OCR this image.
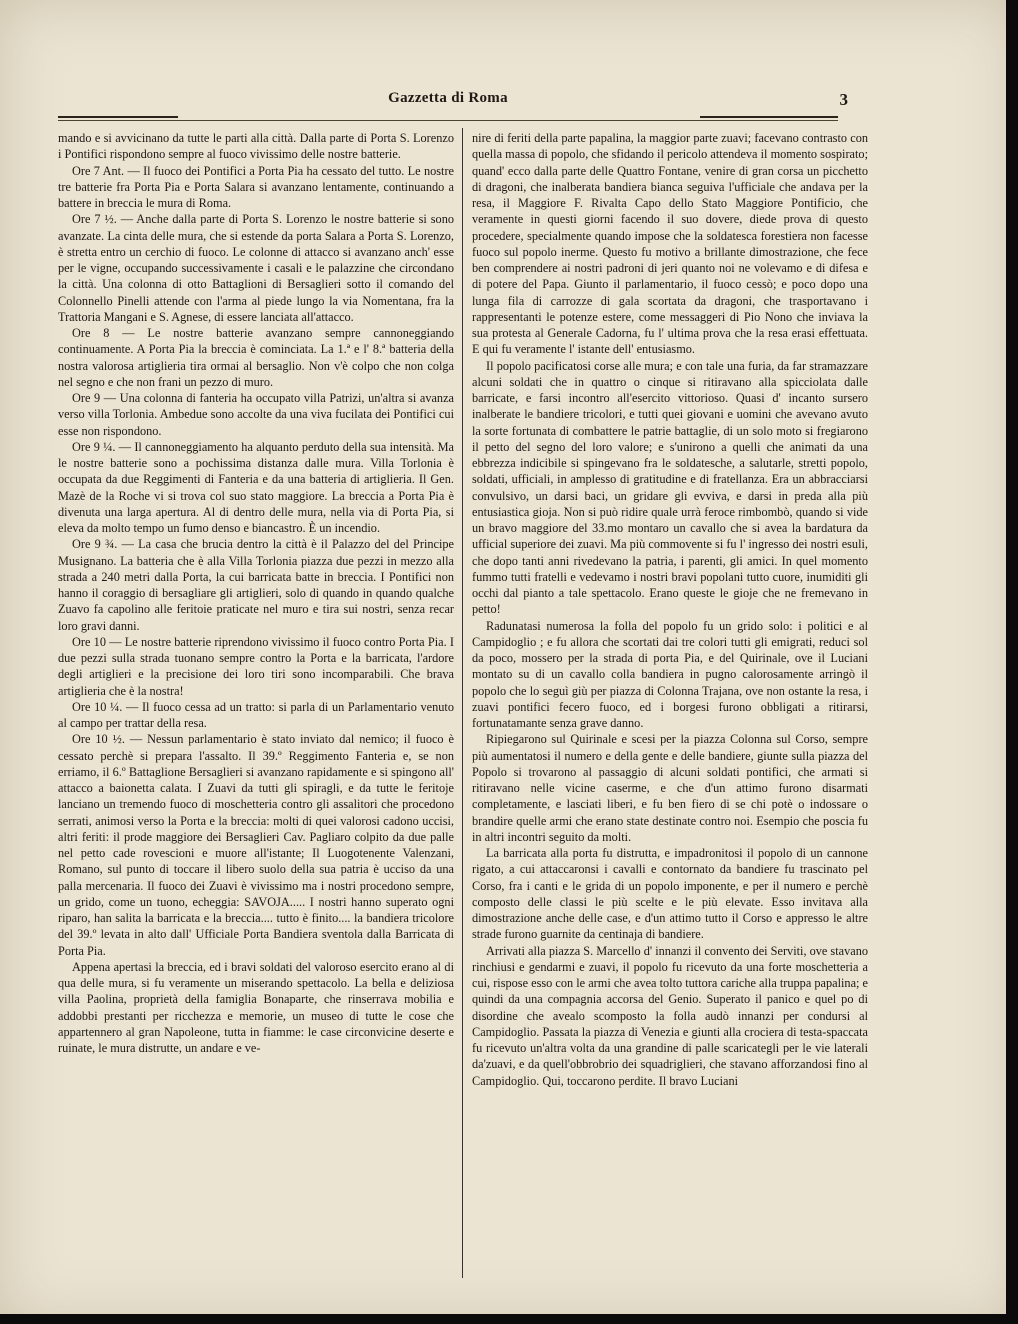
Gazzetta di Roma	3

mando e si avvicinano da tutte le parti alla città. Dalla parte di Porta S. Lorenzo i Pontifici rispondono sempre al fuoco vivissimo delle nostre batterie.

Ore 7 Ant. — Il fuoco dei Pontifici a Porta Pia ha cessato del tutto. Le nostre tre batterie fra Porta Pia e Porta Salara si avanzano lentamente, continuando a battere in breccia le mura di Roma.

Ore 7 ½. — Anche dalla parte di Porta S. Lorenzo le nostre batterie si sono avanzate. La cinta delle mura, che si estende da porta Salara a Porta S. Lorenzo, è stretta entro un cerchio di fuoco. Le colonne di attacco si avanzano anch' esse per le vigne, occupando successivamente i casali e le palazzine che circondano la città. Una colonna di otto Battaglioni di Bersaglieri sotto il comando del Colonnello Pinelli attende con l'arma al piede lungo la via Nomentana, fra la Trattoria Mangani e S. Agnese, di essere lanciata all'attacco.

Ore 8 — Le nostre batterie avanzano sempre cannoneggiando continuamente. A Porta Pia la breccia è cominciata. La 1.ª e l' 8.ª batteria della nostra valorosa artiglieria tira ormai al bersaglio. Non v'è colpo che non colga nel segno e che non frani un pezzo di muro.

Ore 9 — Una colonna di fanteria ha occupato villa Patrizi, un'altra si avanza verso villa Torlonia. Ambedue sono accolte da una viva fucilata dei Pontifici cui esse non rispondono.

Ore 9 ¼. — Il cannoneggiamento ha alquanto perduto della sua intensità. Ma le nostre batterie sono a pochissima distanza dalle mura. Villa Torlonia è occupata da due Reggimenti di Fanteria e da una batteria di artiglieria. Il Gen. Mazè de la Roche vi si trova col suo stato maggiore. La breccia a Porta Pia è divenuta una larga apertura. Al di dentro delle mura, nella via di Porta Pia, si eleva da molto tempo un fumo denso e biancastro. È un incendio.

Ore 9 ¾. — La casa che brucia dentro la città è il Palazzo del del Principe Musignano. La batteria che è alla Villa Torlonia piazza due pezzi in mezzo alla strada a 240 metri dalla Porta, la cui barricata batte in breccia. I Pontifici non hanno il coraggio di bersagliare gli artiglieri, solo di quando in quando qualche Zuavo fa capolino alle feritoie praticate nel muro e tira sui nostri, senza recar loro gravi danni.

Ore 10 — Le nostre batterie riprendono vivissimo il fuoco contro Porta Pia. I due pezzi sulla strada tuonano sempre contro la Porta e la barricata, l'ardore degli artiglieri e la precisione dei loro tiri sono incomparabili. Che brava artiglieria che è la nostra!

Ore 10 ¼. — Il fuoco cessa ad un tratto: si parla di un Parlamentario venuto al campo per trattar della resa.

Ore 10 ½. — Nessun parlamentario è stato inviato dal nemico; il fuoco è cessato perchè si prepara l'assalto. Il 39.º Reggimento Fanteria e, se non erriamo, il 6.º Battaglione Bersaglieri si avanzano rapidamente e si spingono all' attacco a baionetta calata. I Zuavi da tutti gli spiragli, e da tutte le feritoje lanciano un tremendo fuoco di moschetteria contro gli assalitori che procedono serrati, animosi verso la Porta e la breccia: molti di quei valorosi cadono uccisi, altri feriti: il prode maggiore dei Bersaglieri Cav. Pagliaro colpito da due palle nel petto cade rovescioni e muore all'istante; Il Luogotenente Valenzani, Romano, sul punto di toccare il libero suolo della sua patria è ucciso da una palla mercenaria. Il fuoco dei Zuavi è vivissimo ma i nostri procedono sempre, un grido, come un tuono, echeggia: SAVOJA..... I nostri hanno superato ogni riparo, han salita la barricata e la breccia.... tutto è finito.... la bandiera tricolore del 39.º levata in alto dall' Ufficiale Porta Bandiera sventola dalla Barricata di Porta Pia.

Appena apertasi la breccia, ed i bravi soldati del valoroso esercito erano al di qua delle mura, si fu veramente un miserando spettacolo. La bella e deliziosa villa Paolina, proprietà della famiglia Bonaparte, che rinserrava mobilia e addobbi prestanti per ricchezza e memorie, un museo di tutte le cose che appartennero al gran Napoleone, tutta in fiamme: le case circonvicine deserte e ruinate, le mura distrutte, un andare e ve-

nire di feriti della parte papalina, la maggior parte zuavi; facevano contrasto con quella massa di popolo, che sfidando il pericolo attendeva il momento sospirato; quand' ecco dalla parte delle Quattro Fontane, venire di gran corsa un picchetto di dragoni, che inalberata bandiera bianca seguiva l'ufficiale che andava per la resa, il Maggiore F. Rivalta Capo dello Stato Maggiore Pontificio, che veramente in questi giorni facendo il suo dovere, diede prova di questo procedere, specialmente quando impose che la soldatesca forestiera non facesse fuoco sul popolo inerme. Questo fu motivo a brillante dimostrazione, che fece ben comprendere ai nostri padroni di jeri quanto noi ne volevamo e di difesa e di potere del Papa. Giunto il parlamentario, il fuoco cessò; e poco dopo una lunga fila di carrozze di gala scortata da dragoni, che trasportavano i rappresentanti le potenze estere, come messaggeri di Pio Nono che inviava la sua protesta al Generale Cadorna, fu l' ultima prova che la resa erasi effettuata. E qui fu veramente l' istante dell' entusiasmo.

Il popolo pacificatosi corse alle mura; e con tale una furia, da far stramazzare alcuni soldati che in quattro o cinque si ritiravano alla spicciolata dalle barricate, e farsi incontro all'esercito vittorioso. Quasi d' incanto sursero inalberate le bandiere tricolori, e tutti quei giovani e uomini che avevano avuto la sorte fortunata di combattere le patrie battaglie, di un solo moto si fregiarono il petto del segno del loro valore; e s'unirono a quelli che animati da una ebbrezza indicibile si spingevano fra le soldatesche, a salutarle, stretti popolo, soldati, ufficiali, in amplesso di gratitudine e di fratellanza. Era un abbracciarsi convulsivo, un darsi baci, un gridare gli evviva, e darsi in preda alla più entusiastica gioja. Non si può ridire quale urrà feroce rimbombò, quando si vide un bravo maggiore del 33.mo montaro un cavallo che si avea la bardatura da ufficial superiore dei zuavi. Ma più commovente si fu l' ingresso dei nostri esuli, che dopo tanti anni rivedevano la patria, i parenti, gli amici. In quel momento fummo tutti fratelli e vedevamo i nostri bravi popolani tutto cuore, inumiditi gli occhi dal pianto a tale spettacolo. Erano queste le gioje che ne fremevano in petto!

Radunatasi numerosa la folla del popolo fu un grido solo: i politici e al Campidoglio ; e fu allora che scortati dai tre colori tutti gli emigrati, reduci sol da poco, mossero per la strada di porta Pia, e del Quirinale, ove il Luciani montato su di un cavallo colla bandiera in pugno calorosamente arringò il popolo che lo seguì giù per piazza di Colonna Trajana, ove non ostante la resa, i zuavi pontifici fecero fuoco, ed i borgesi furono obbligati a ritirarsi, fortunatamante senza grave danno.

Ripiegarono sul Quirinale e scesi per la piazza Colonna sul Corso, sempre più aumentatosi il numero e della gente e delle bandiere, giunte sulla piazza del Popolo si trovarono al passaggio di alcuni soldati pontifici, che armati si ritiravano nelle vicine caserme, e che d'un attimo furono disarmati completamente, e lasciati liberi, e fu ben fiero di se chi potè o indossare o brandire quelle armi che erano state destinate contro noi. Esempio che poscia fu in altri incontri seguito da molti.

La barricata alla porta fu distrutta, e impadronitosi il popolo di un cannone rigato, a cui attaccaronsi i cavalli e contornato da bandiere fu trascinato pel Corso, fra i canti e le grida di un popolo imponente, e per il numero e perchè composto delle classi le più scelte e le più elevate. Esso invitava alla dimostrazione anche delle case, e d'un attimo tutto il Corso e appresso le altre strade furono guarnite da centinaja di bandiere.

Arrivati alla piazza S. Marcello d' innanzi il convento dei Serviti, ove stavano rinchiusi e gendarmi e zuavi, il popolo fu ricevuto da una forte moschetteria a cui, rispose esso con le armi che avea tolto tuttora cariche alla truppa papalina; e quindi da una compagnia accorsa del Genio. Superato il panico e quel po di disordine che avealo scomposto la folla audò innanzi per condursi al Campidoglio. Passata la piazza di Venezia e giunti alla crociera di testa-spaccata fu ricevuto un'altra volta da una grandine di palle scaricategli per le vie laterali da'zuavi, e da quell'obbrobrio dei squadriglieri, che stavano afforzandosi fino al Campidoglio. Qui, toccarono perdite. Il bravo Luciani
